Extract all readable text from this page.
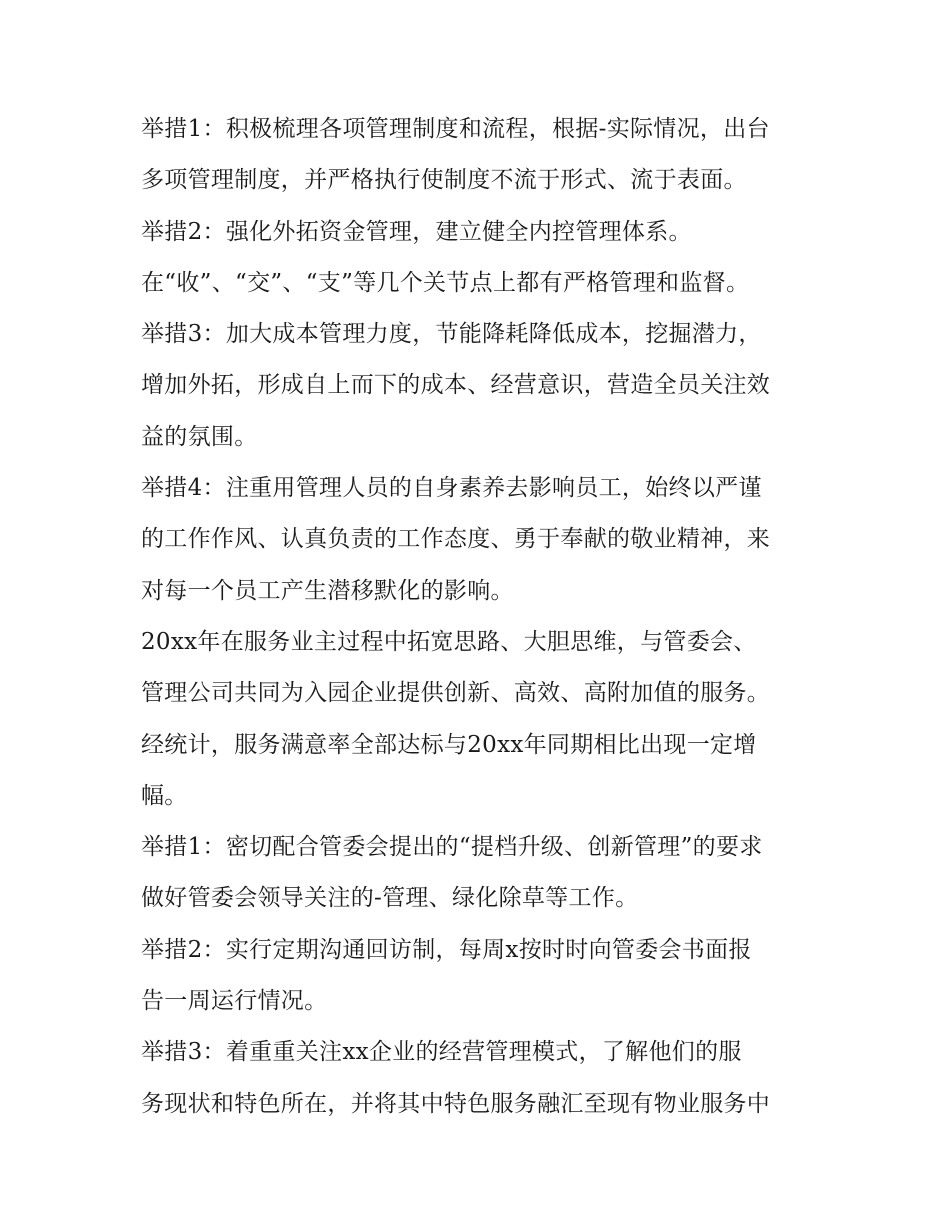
举措1：积极梳理各项管理制度和流程，根据-实际情况，出台
多项管理制度，并严格执行使制度不流于形式、流于表面。
举措2：强化外拓资金管理，建立健全内控管理体系。
在“收”、“交”、“支”等几个关节点上都有严格管理和监督。
举措3：加大成本管理力度，节能降耗降低成本，挖掘潜力，
增加外拓，形成自上而下的成本、经营意识，营造全员关注效
益的氛围。
举措4：注重用管理人员的自身素养去影响员工，始终以严谨
的工作作风、认真负责的工作态度、勇于奉献的敬业精神，来
对每一个员工产生潜移默化的影响。
20xx年在服务业主过程中拓宽思路、大胆思维，与管委会、
管理公司共同为入园企业提供创新、高效、高附加值的服务。
经统计，服务满意率全部达标与20xx年同期相比出现一定增
幅。
举措1：密切配合管委会提出的“提档升级、创新管理”的要求
做好管委会领导关注的-管理、绿化除草等工作。
举措2：实行定期沟通回访制，每周x按时时向管委会书面报
告一周运行情况。
举措3：着重重关注xx企业的经营管理模式，了解他们的服
务现状和特色所在，并将其中特色服务融汇至现有物业服务中
